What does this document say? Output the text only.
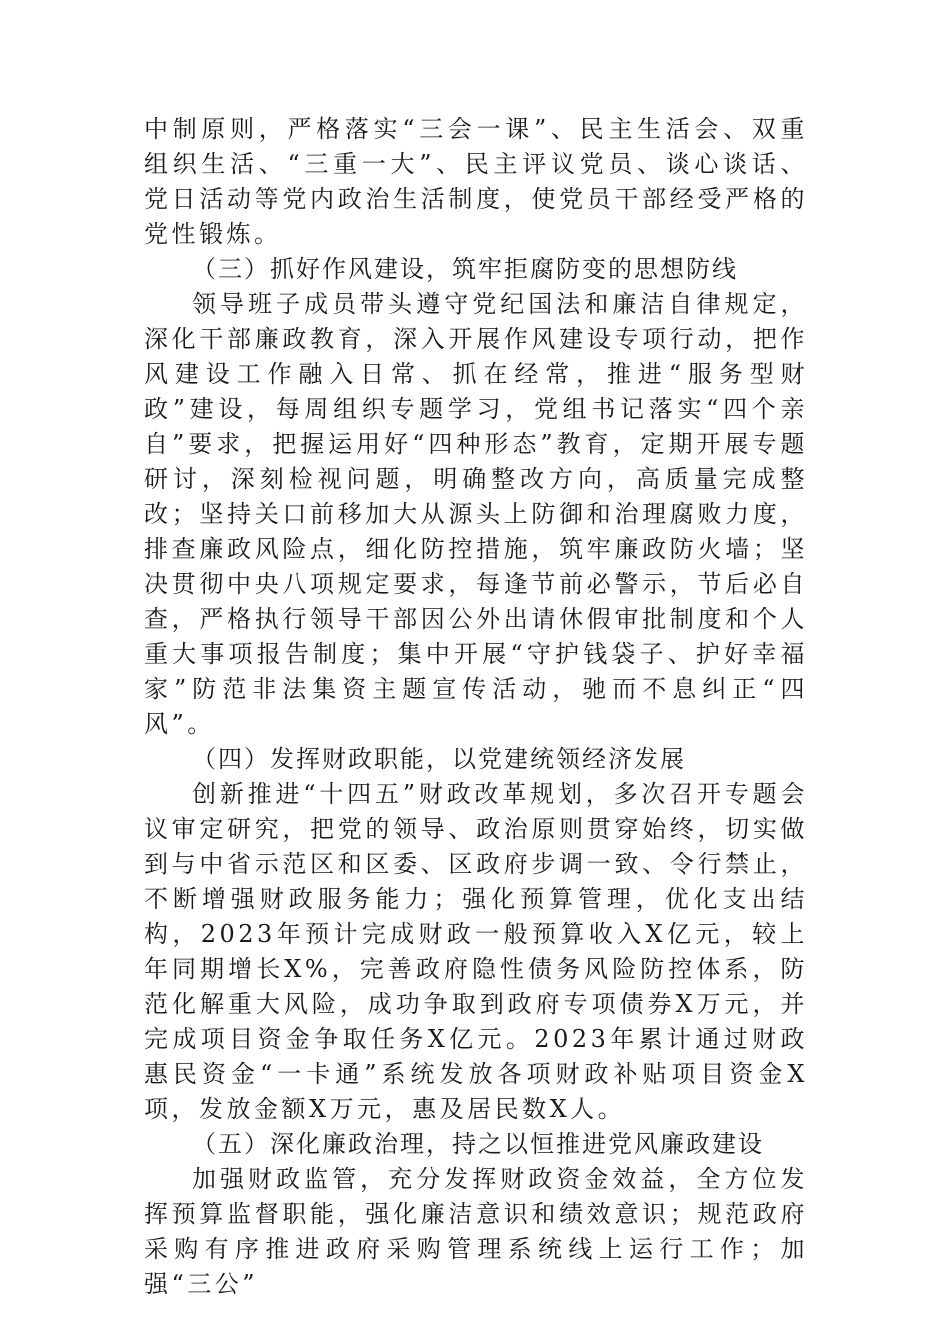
中制原则，严格落实“三会一课”、民主生活会、双重组织生活、“三重一大”、民主评议党员、谈心谈话、党日活动等党内政治生活制度，使党员干部经受严格的党性锻炼。

（三）抓好作风建设，筑牢拒腐防变的思想防线

领导班子成员带头遵守党纪国法和廉洁自律规定，深化干部廉政教育，深入开展作风建设专项行动，把作风建设工作融入日常、抓在经常，推进“服务型财政”建设，每周组织专题学习，党组书记落实“四个亲自”要求，把握运用好“四种形态”教育，定期开展专题研讨，深刻检视问题，明确整改方向，高质量完成整改；坚持关口前移加大从源头上防御和治理腐败力度，排查廉政风险点，细化防控措施，筑牢廉政防火墙；坚决贯彻中央八项规定要求，每逢节前必警示，节后必自查，严格执行领导干部因公外出请休假审批制度和个人重大事项报告制度；集中开展“守护钱袋子、护好幸福家”防范非法集资主题宣传活动，驰而不息纠正“四风”。

（四）发挥财政职能，以党建统领经济发展

创新推进“十四五”财政改革规划，多次召开专题会议审定研究，把党的领导、政治原则贯穿始终，切实做到与中省示范区和区委、区政府步调一致、令行禁止，不断增强财政服务能力；强化预算管理，优化支出结构，2023年预计完成财政一般预算收入X亿元，较上年同期增长X%，完善政府隐性债务风险防控体系，防范化解重大风险，成功争取到政府专项债券X万元，并完成项目资金争取任务X亿元。2023年累计通过财政惠民资金“一卡通”系统发放各项财政补贴项目资金X项，发放金额X万元，惠及居民数X人。

（五）深化廉政治理，持之以恒推进党风廉政建设

加强财政监管，充分发挥财政资金效益，全方位发挥预算监督职能，强化廉洁意识和绩效意识；规范政府采购有序推进政府采购管理系统线上运行工作；加强“三公”
